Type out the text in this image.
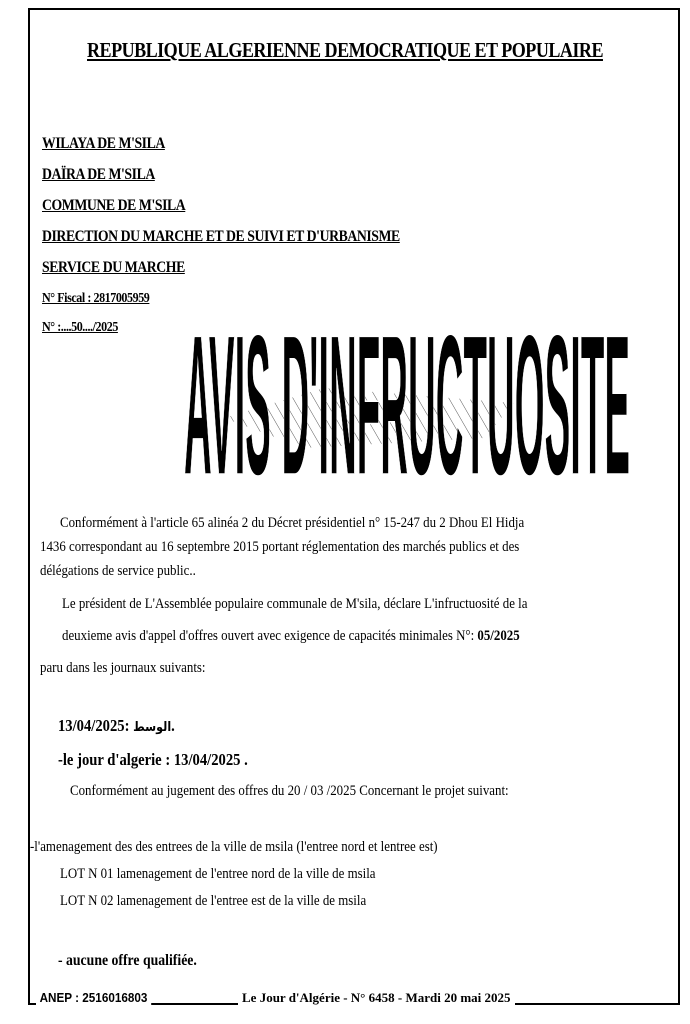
REPUBLIQUE ALGERIENNE DEMOCRATIQUE ET POPULAIRE
WILAYA DE M'SILA
DAÏRA DE M'SILA
COMMUNE DE M'SILA
DIRECTION DU MARCHE ET DE SUIVI ET D'URBANISME
SERVICE DU MARCHE
N° Fiscal : 2817005959
N° :....50..../2025 AVIS D'INFRUCTUOSITE
Conformément à l'article 65 alinéa 2 du Décret présidentiel n° 15-247 du 2 Dhou El Hidja
1436 correspondant au 16 septembre 2015 portant réglementation des marchés publics et des
délégations de service public..
Le président de L'Assemblée populaire communale de M'sila, déclare L'infructuosité de la
deuxieme avis d'appel d'offres ouvert avec exigence de capacités minimales N°: 05/2025
paru dans les journaux suivants:
الوسط :13/04/2025.
-le jour d'algerie : 13/04/2025 .
Conformément au jugement des offres du 20 / 03 /2025 Concernant le projet suivant:
-l'amenagement des des entrees de la ville de msila (l'entree nord et lentree est)
LOT N 01 lamenagement de l'entree nord de la ville de msila
LOT N 02 lamenagement de l'entree est de la ville de msila
- aucune offre qualifiée.
ANEP : 2516016803	Le Jour d'Algérie - N° 6458 - Mardi 20 mai 2025
